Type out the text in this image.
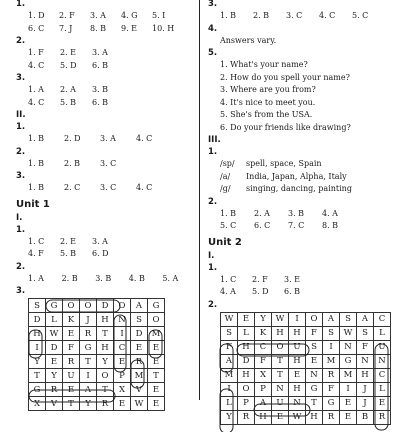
1.
1. D	2. F	3. A	4. G	5. I
6. C	7. J	8. B	9. E	10. H
2.
1. F	2. E	3. A
4. C	5. D	6. B
3.
1. A	2. A	3. B
4. C	5. B	6. B
II.
1.
1. B	2. D	3. A	4. C
2.
1. B	2. B	3. C
3.
1. B	2. C	3. C	4. C
Unit 1
I.
1.
1. C	2. E	3. A
4. F	5. B	6. D
2.
1. A	2. B	3. B	4. B	5. A
3.
S	G	O	O	D	O	A	G
D	L	K	J	H	N	S	O
H	W	E	R	T	I	D	M
I	D	F	G	H	C	E	E
Y	E	R	T	Y	E	R	E
T	Y	U	I	O	P	M	T
G	R	E	A	T	X	V	E
X	V	T	Y	R	E	W	E
3.
1. B	2. B	3. C	4. C	5. C
4.
Answers vary.
5.
1. What's your name?
2. How do you spell your name?
3. Where are you from?
4. It's nice to meet you.
5. She's from the USA.
6. Do your friends like drawing?
III.
1.
/sp/	spell, space, Spain
/a/	India, Japan, Alpha, Italy
/g/	singing, dancing, painting
2.
1. B	2. A	3. B	4. A
5. C	6. C	7. C	8. B
Unit 2
I.
1.
1. C	2. F	3. E
4. A	5. D	6. B
2.
W	E	Y	W	I	O	A	S	A	C
S	L	K	H	H	F	S	W	S	L
F	H	C	O	U	S	I	N	F	U
A	D	F	T	H	E	M	G	N	N
M	H	X	T	E	N	R	M	H	C
I	O	P	N	H	G	F	I	J	L
L	P	A	U	N	T	G	E	J	E
Y	R	H	E	W	H	R	E	B	R
